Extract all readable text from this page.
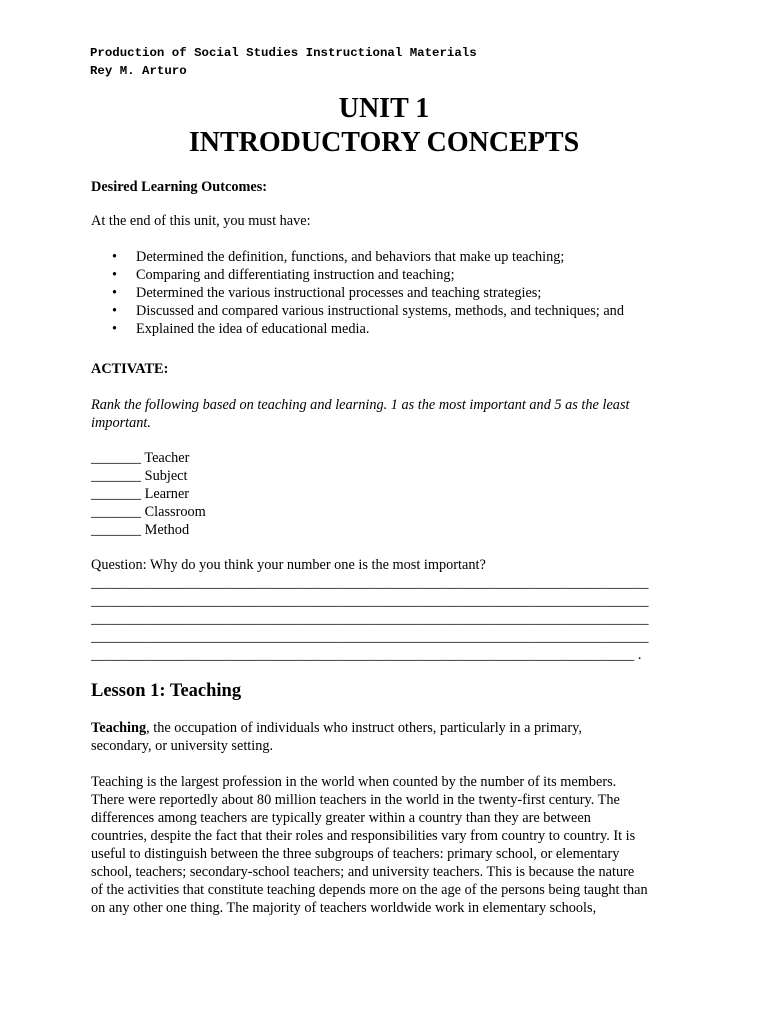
Production of Social Studies Instructional Materials
Rey M. Arturo
UNIT 1
INTRODUCTORY CONCEPTS
Desired Learning Outcomes:
At the end of this unit, you must have:
• Determined the definition, functions, and behaviors that make up teaching;
• Comparing and differentiating instruction and teaching;
• Determined the various instructional processes and teaching strategies;
• Discussed and compared various instructional systems, methods, and techniques; and
• Explained the idea of educational media.
ACTIVATE:
Rank the following based on teaching and learning. 1 as the most important and 5 as the least
important.
_______ Teacher
_______ Subject
_______ Learner
_______ Classroom
_______ Method
Question: Why do you think your number one is the most important?
______________________________________________________________________________
______________________________________________________________________________
______________________________________________________________________________
______________________________________________________________________________
____________________________________________________________________________ .
Lesson 1: Teaching
Teaching, the occupation of individuals who instruct others, particularly in a primary,
secondary, or university setting.
Teaching is the largest profession in the world when counted by the number of its members.
There were reportedly about 80 million teachers in the world in the twenty-first century. The
differences among teachers are typically greater within a country than they are between
countries, despite the fact that their roles and responsibilities vary from country to country. It is
useful to distinguish between the three subgroups of teachers: primary school, or elementary
school, teachers; secondary-school teachers; and university teachers. This is because the nature
of the activities that constitute teaching depends more on the age of the persons being taught than
on any other one thing. The majority of teachers worldwide work in elementary schools,
